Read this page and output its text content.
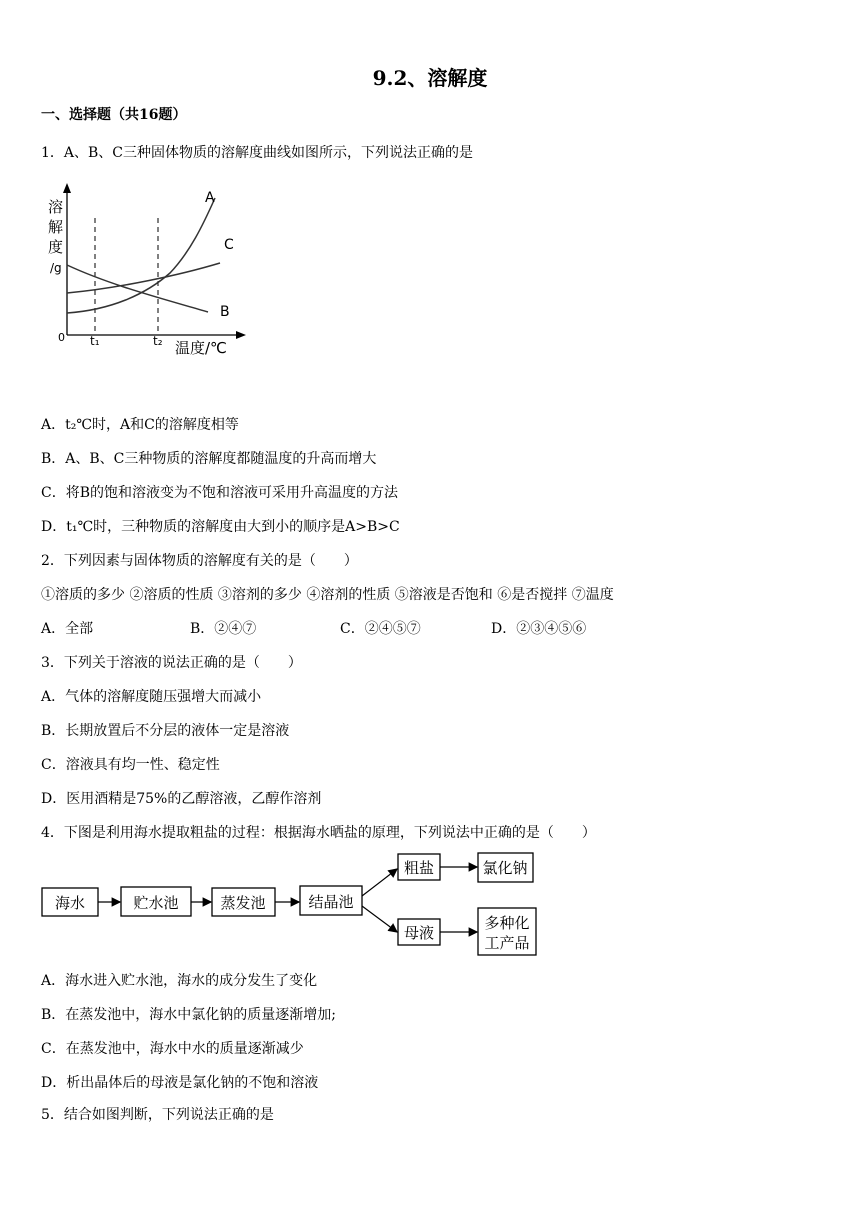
9.2、溶解度
一、选择题（共16题）
1．A、B、C三种固体物质的溶解度曲线如图所示，下列说法正确的是
溶
解
度
/g
0 t₁	t₂ 温度/℃
A
C
B
A．t₂℃时，A和C的溶解度相等
B．A、B、C三种物质的溶解度都随温度的升高而增大
C．将B的饱和溶液变为不饱和溶液可采用升高温度的方法
D．t₁℃时，三种物质的溶解度由大到小的顺序是A>B>C
2．下列因素与固体物质的溶解度有关的是（　　）
①溶质的多少 ②溶质的性质 ③溶剂的多少 ④溶剂的性质 ⑤溶液是否饱和 ⑥是否搅拌 ⑦温度
A．全部	B．②④⑦	C．②④⑤⑦	D．②③④⑤⑥
3．下列关于溶液的说法正确的是（　　）
A．气体的溶解度随压强增大而减小
B．长期放置后不分层的液体一定是溶液
C．溶液具有均一性、稳定性
D．医用酒精是75%的乙醇溶液，乙醇作溶剂
4．下图是利用海水提取粗盐的过程：根据海水晒盐的原理，下列说法中正确的是（　　）
海水	贮水池	蒸发池	结晶池
粗盐	氯化钠
母液
多种化
工产品
A．海水进入贮水池，海水的成分发生了变化
B．在蒸发池中，海水中氯化钠的质量逐渐增加;
C．在蒸发池中，海水中水的质量逐渐减少
D．析出晶体后的母液是氯化钠的不饱和溶液
5．结合如图判断，下列说法正确的是
